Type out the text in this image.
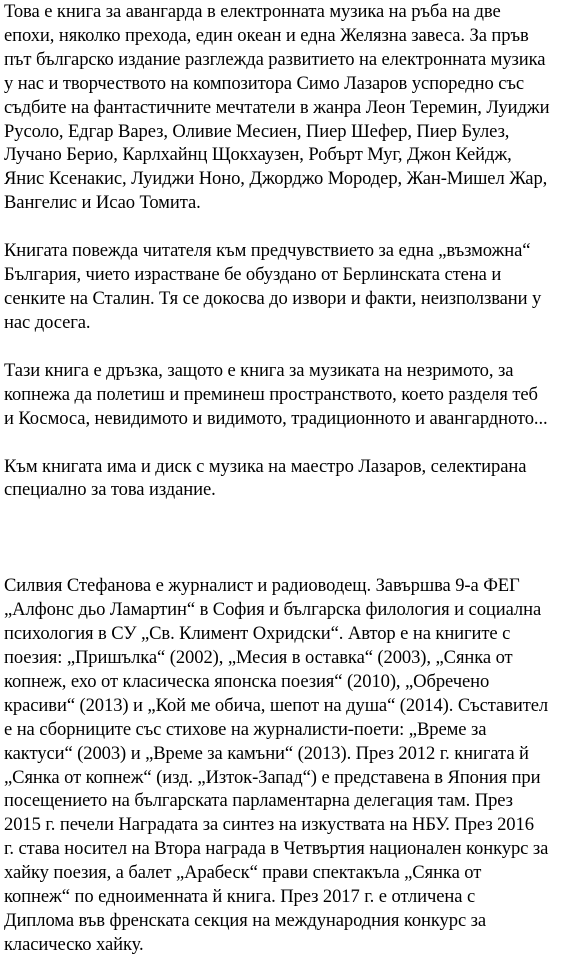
Това е книга за авангарда в електронната музика на ръба на две
епохи, няколко прехода, един океан и една Желязна завеса. За пръв
път българско издание разглежда развитието на електронната музика
у нас и творчеството на композитора Симо Лазаров успоредно със
съдбите на фантастичните мечтатели в жанра Леон Теремин, Луиджи
Русоло, Едгар Варез, Оливие Месиен, Пиер Шефер, Пиер Булез,
Лучано Берио, Карлхайнц Щокхаузен, Робърт Муг, Джон Кейдж,
Янис Ксенакис, Луиджи Ноно, Джорджо Мородер, Жан-Мишел Жар,
Вангелис и Исао Томита.

Книгата повежда читателя към предчувствието за една „възможна“
България, чието израстване бе обуздано от Берлинската стена и
сенките на Сталин. Тя се докосва до извори и факти, неизползвани у
нас досега.

Тази книга е дръзка, защото е книга за музиката на незримото, за
копнежа да полетиш и преминеш пространството, което разделя теб
и Космоса, невидимото и видимото, традиционното и авангардното...

Към книгата има и диск с музика на маестро Лазаров, селектирана
специално за това издание.

Силвия Стефанова е журналист и радиоводещ. Завършва 9-а ФЕГ
„Алфонс дьо Ламартин“ в София и българска филология и социална
психология в СУ „Св. Климент Охридски“. Автор е на книгите с
поезия: „Пришълка“ (2002), „Месия в оставка“ (2003), „Сянка от
копнеж, ехо от класическа японска поезия“ (2010), „Обречено
красиви“ (2013) и „Кой ме обича, шепот на душа“ (2014). Съставител
е на сборниците със стихове на журналисти-поети: „Време за
кактуси“ (2003) и „Време за камъни“ (2013). През 2012 г. книгата й
„Сянка от копнеж“ (изд. „Изток-Запад“) е представена в Япония при
посещението на българската парламентарна делегация там. През
2015 г. печели Наградата за синтез на изкуствата на НБУ. През 2016
г. става носител на Втора награда в Четвъртия национален конкурс за
хайку поезия, а балет „Арабеск“ прави спектакъла „Сянка от
копнеж“ по едноименната й книга. През 2017 г. е отличена с
Диплома във френската секция на международния конкурс за
класическо хайку.
